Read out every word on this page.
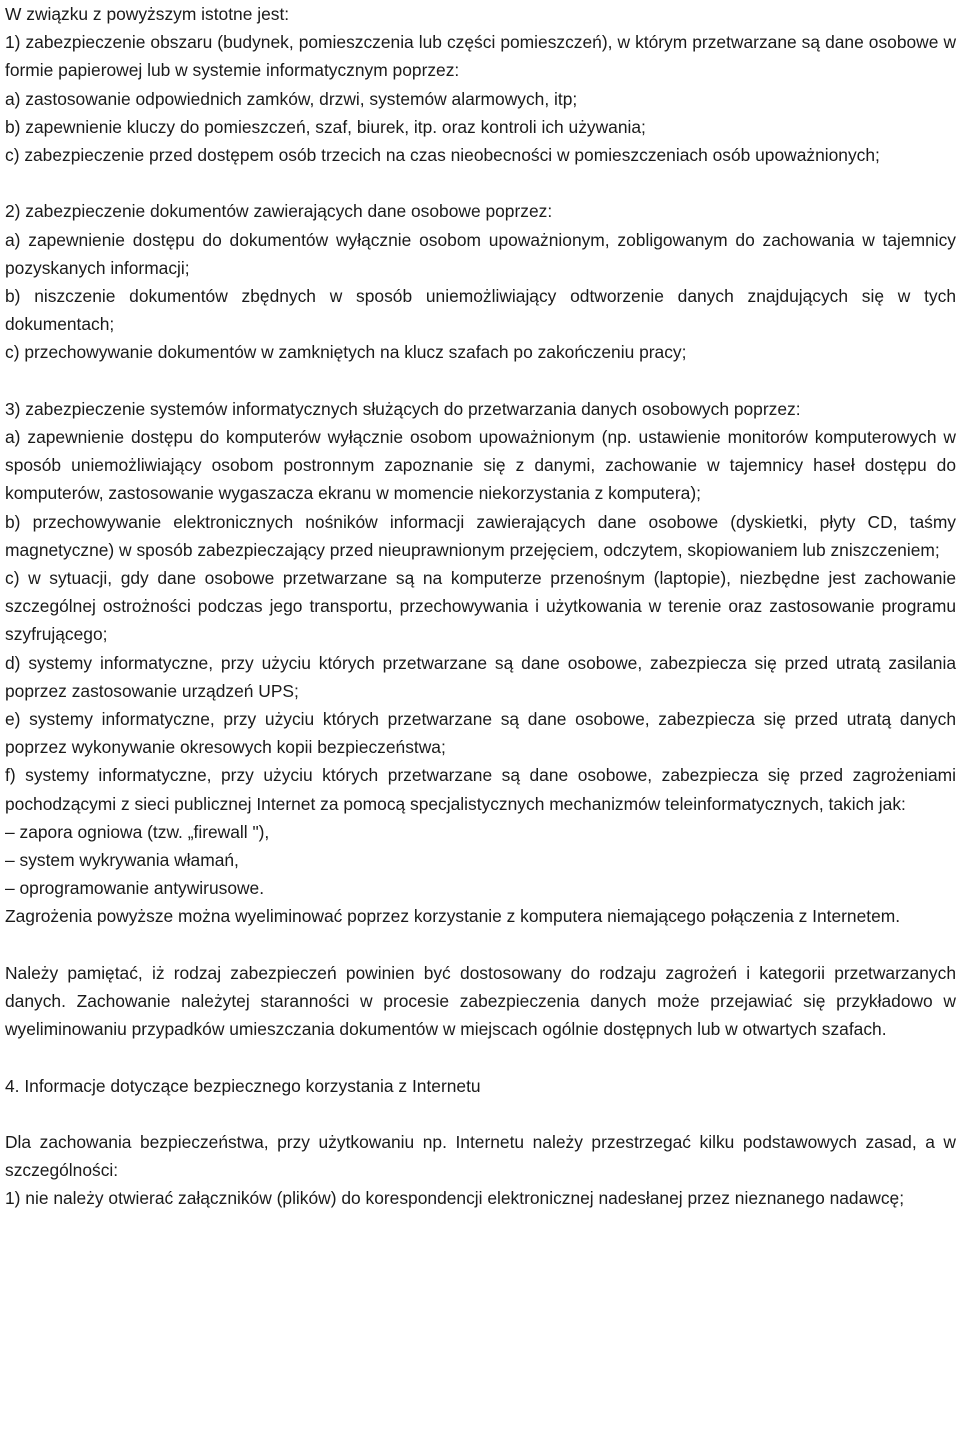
W związku z powyższym istotne jest:

1) zabezpieczenie obszaru (budynek, pomieszczenia lub części pomieszczeń), w którym przetwarzane są dane osobowe w formie papierowej lub w systemie informatycznym poprzez:

a) zastosowanie odpowiednich zamków, drzwi, systemów alarmowych, itp;

b) zapewnienie kluczy do pomieszczeń, szaf, biurek, itp. oraz kontroli ich używania;

c) zabezpieczenie przed dostępem osób trzecich na czas nieobecności w pomieszczeniach osób upoważnionych;

2) zabezpieczenie dokumentów zawierających dane osobowe poprzez:

a) zapewnienie dostępu do dokumentów wyłącznie osobom upoważnionym, zobligowanym do zachowania w tajemnicy pozyskanych informacji;

b) niszczenie dokumentów zbędnych w sposób uniemożliwiający odtworzenie danych znajdujących się w tych dokumentach;

c) przechowywanie dokumentów w zamkniętych na klucz szafach po zakończeniu pracy;

3) zabezpieczenie systemów informatycznych służących do przetwarzania danych osobowych poprzez:

a) zapewnienie dostępu do komputerów wyłącznie osobom upoważnionym (np. ustawienie monitorów komputerowych w sposób uniemożliwiający osobom postronnym zapoznanie się z danymi, zachowanie w tajemnicy haseł dostępu do komputerów, zastosowanie wygaszacza ekranu w momencie niekorzystania z komputera);

b) przechowywanie elektronicznych nośników informacji zawierających dane osobowe (dyskietki, płyty CD, taśmy magnetyczne) w sposób zabezpieczający przed nieuprawnionym przejęciem, odczytem, skopiowaniem lub zniszczeniem;

c) w sytuacji, gdy dane osobowe przetwarzane są na komputerze przenośnym (laptopie), niezbędne jest zachowanie szczególnej ostrożności podczas jego transportu, przechowywania i użytkowania w terenie oraz zastosowanie programu szyfrującego;

d) systemy informatyczne, przy użyciu których przetwarzane są dane osobowe, zabezpiecza się przed utratą zasilania poprzez zastosowanie urządzeń UPS;

e) systemy informatyczne, przy użyciu których przetwarzane są dane osobowe, zabezpiecza się przed utratą danych poprzez wykonywanie okresowych kopii bezpieczeństwa;

f) systemy informatyczne, przy użyciu których przetwarzane są dane osobowe, zabezpiecza się przed zagrożeniami pochodzącymi z sieci publicznej Internet za pomocą specjalistycznych mechanizmów teleinformatycznych, takich jak:

– zapora ogniowa (tzw. „firewall "),

– system wykrywania włamań,

– oprogramowanie antywirusowe.

Zagrożenia powyższe można wyeliminować poprzez korzystanie z komputera niemającego połączenia z Internetem.

Należy pamiętać, iż rodzaj zabezpieczeń powinien być dostosowany do rodzaju zagrożeń i kategorii przetwarzanych danych. Zachowanie należytej staranności w procesie zabezpieczenia danych może przejawiać się przykładowo w wyeliminowaniu przypadków umieszczania dokumentów w miejscach ogólnie dostępnych lub w otwartych szafach.

4. Informacje dotyczące bezpiecznego korzystania z Internetu

Dla zachowania bezpieczeństwa, przy użytkowaniu np. Internetu należy przestrzegać kilku podstawowych zasad, a w szczególności:

1) nie należy otwierać załączników (plików) do korespondencji elektronicznej nadesłanej przez nieznanego nadawcę;
